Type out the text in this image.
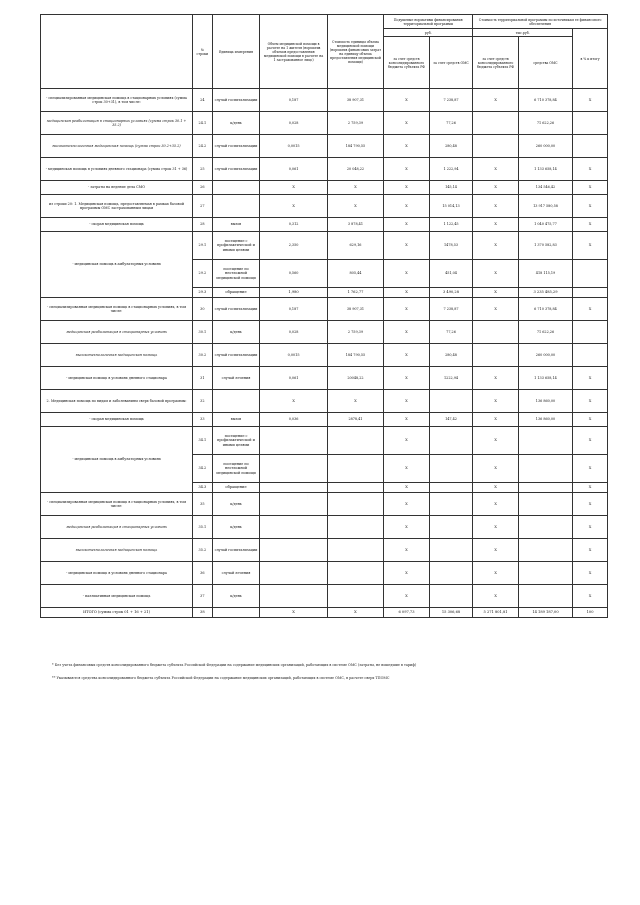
	№ строки	Единица измерения	Объем медицинской помощи в расчете на 1 жителя (норматив объемов предоставления медицинской помощи в расчете на 1 застрахованное лицо)	Стоимость единицы объема медицинской помощи (норматив финансовых затрат на единицу объема предоставления медицинской помощи)	Подушевые нормативы финансирования территориальной программы		Стоимость территориальной программы по источникам ее финансового обеспечения		
					руб.		тыс.руб.		в % к итогу
					за счет средств консолидированного бюджета субъекта РФ	за счет средств ОМС	за счет средств консолидированного бюджета субъекта РФ	средства ОМС	
- специализированная медицинская помощь в стационарных условиях (сумма строк 30+31), в том числе:	24	случай госпитализации	0,187	38 907,31	X	7 238,87	X	6 710 378,84	X
медицинская реабилитация в стационарных условиях (сумма строк 30.1 + 35.2)	24.1	к/день	0,028	2 759,39	X	77,26		71 622,26	
высокотехнологичная медицинская помощь (сумма строк 30.2+35.2)	24.2	случай госпитализации	0,0015	184 790,55	X	280,48		260 000,00	
- медицинская помощь в условиях дневного стационара (сумма строк 31 + 36)	25	случай госпитализации	0,061	20 048,22	X	1 222,94	X	1 133 658,14	X
- затраты на ведение дела СМО	26		X	X	X	145,14	X	134 546,42	X
из строки 20: 1. Медицинская помощь, предоставляемая в рамках базовой программы ОМС застрахованным лицам	27		X	X	X	15 014,13	X	13 917 580,58	X
- скорая медицинская помощь	28	вызов	0,312	3 878,41	X	1 122,45	X	1 040 475,77	X
- медицинская помощь в амбулаторных условиях	29.1	посещение с профилактической и иными целями	2,350	629,16	X	1478,53	X	1 370 582,83	X
	29.2	посещение по неотложной медицинской помощи	0,560	805,44	X	451,04	X	418 115,19	
	29.3	обращение	1,980	1 762,77	X	3 490,28	X	3 235 485,29	
- специализированная медицинская помощь в стационарных условиях, в том числе:	30	случай госпитализации	0,187	38 907,31	X	7 238,87	X	6 710 378,84	X
медицинская реабилитация в стационарных условиях	30.1	к/день	0,028	2 759,39	X	77,26		71 622,26	
высокотехнологичная медицинская помощь	30.2	случай госпитализации	0,0015	184 790,55	X	280,48		260 000,00	
- медицинская помощь в условиях дневного стационара	31	случай лечения	0,061	20048,22	X	1222,94	X	1 133 658,14	X
2. Медицинская помощь по видам и заболеваниям сверх базовой программы:	32		X	X	X		X	136 860,00	X
- скорая медицинская помощь	33	вызов	0,036	2878,41	X	147,42	X	136 860,00	X
- медицинская помощь в амбулаторных условиях	34.1	посещение с профилактической и иными целями			X		X		X
	34.2	посещение по неотложной медицинской помощи			X		X		X
	34.3	обращение			X		X		X
- специализированная медицинская помощь в стационарных условиях, в том числе:	35	к/день			X		X		X
медицинская реабилитация в стационарных условиях	35.1	к/день			X		X		X
высокотехнологичная медицинская помощь	35.2	случай госпитализации			X		X		X
- медицинская помощь в условиях дневного стационара	36	случай лечения			X		X		X
- паллиативная медицинская помощь	37	к/день			X		X		X
ИТОГО (сумма строк 01 + 16 + 21)	38		X	X	6 097,73	15 306,68	5 271 801,81	14 189 187,00	100
* Без учета финансовых средств консолидированного бюджета субъекта Российской Федерации на содержание медицинских организаций, работающих в системе ОМС (затраты, не вошедшие в тариф)
** Указываются средства консолидированного бюджета субъекта Российской Федерации на содержание медицинских организаций, работающих в системе ОМС, в расчете сверх ТПОМС
